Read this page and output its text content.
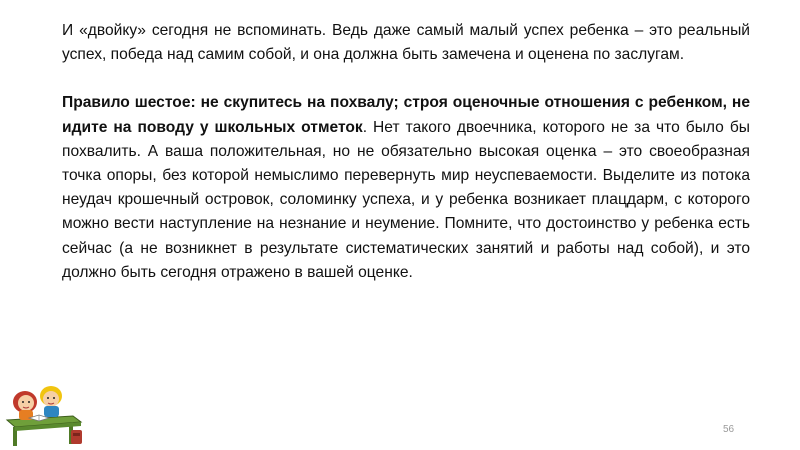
И «двойку» сегодня не вспоминать. Ведь даже самый малый успех ребенка – это реальный успех, победа над самим собой, и она должна быть замечена и оценена по заслугам.

Правило шестое: не скупитесь на похвалу; строя оценочные отношения с ребенком, не идите на поводу у школьных отметок. Нет такого двоечника, которого не за что было бы похвалить. А ваша положительная, но не обязательно высокая оценка – это своеобразная точка опоры, без которой немыслимо перевернуть мир неуспеваемости. Выделите из потока неудач крошечный островок, соломинку успеха, и у ребенка возникает плацдарм, с которого можно вести наступление на незнание и неумение. Помните, что достоинство у ребенка есть сейчас (а не возникнет в результате систематических занятий и работы над собой), и это должно быть сегодня отражено в вашей оценке.

56
